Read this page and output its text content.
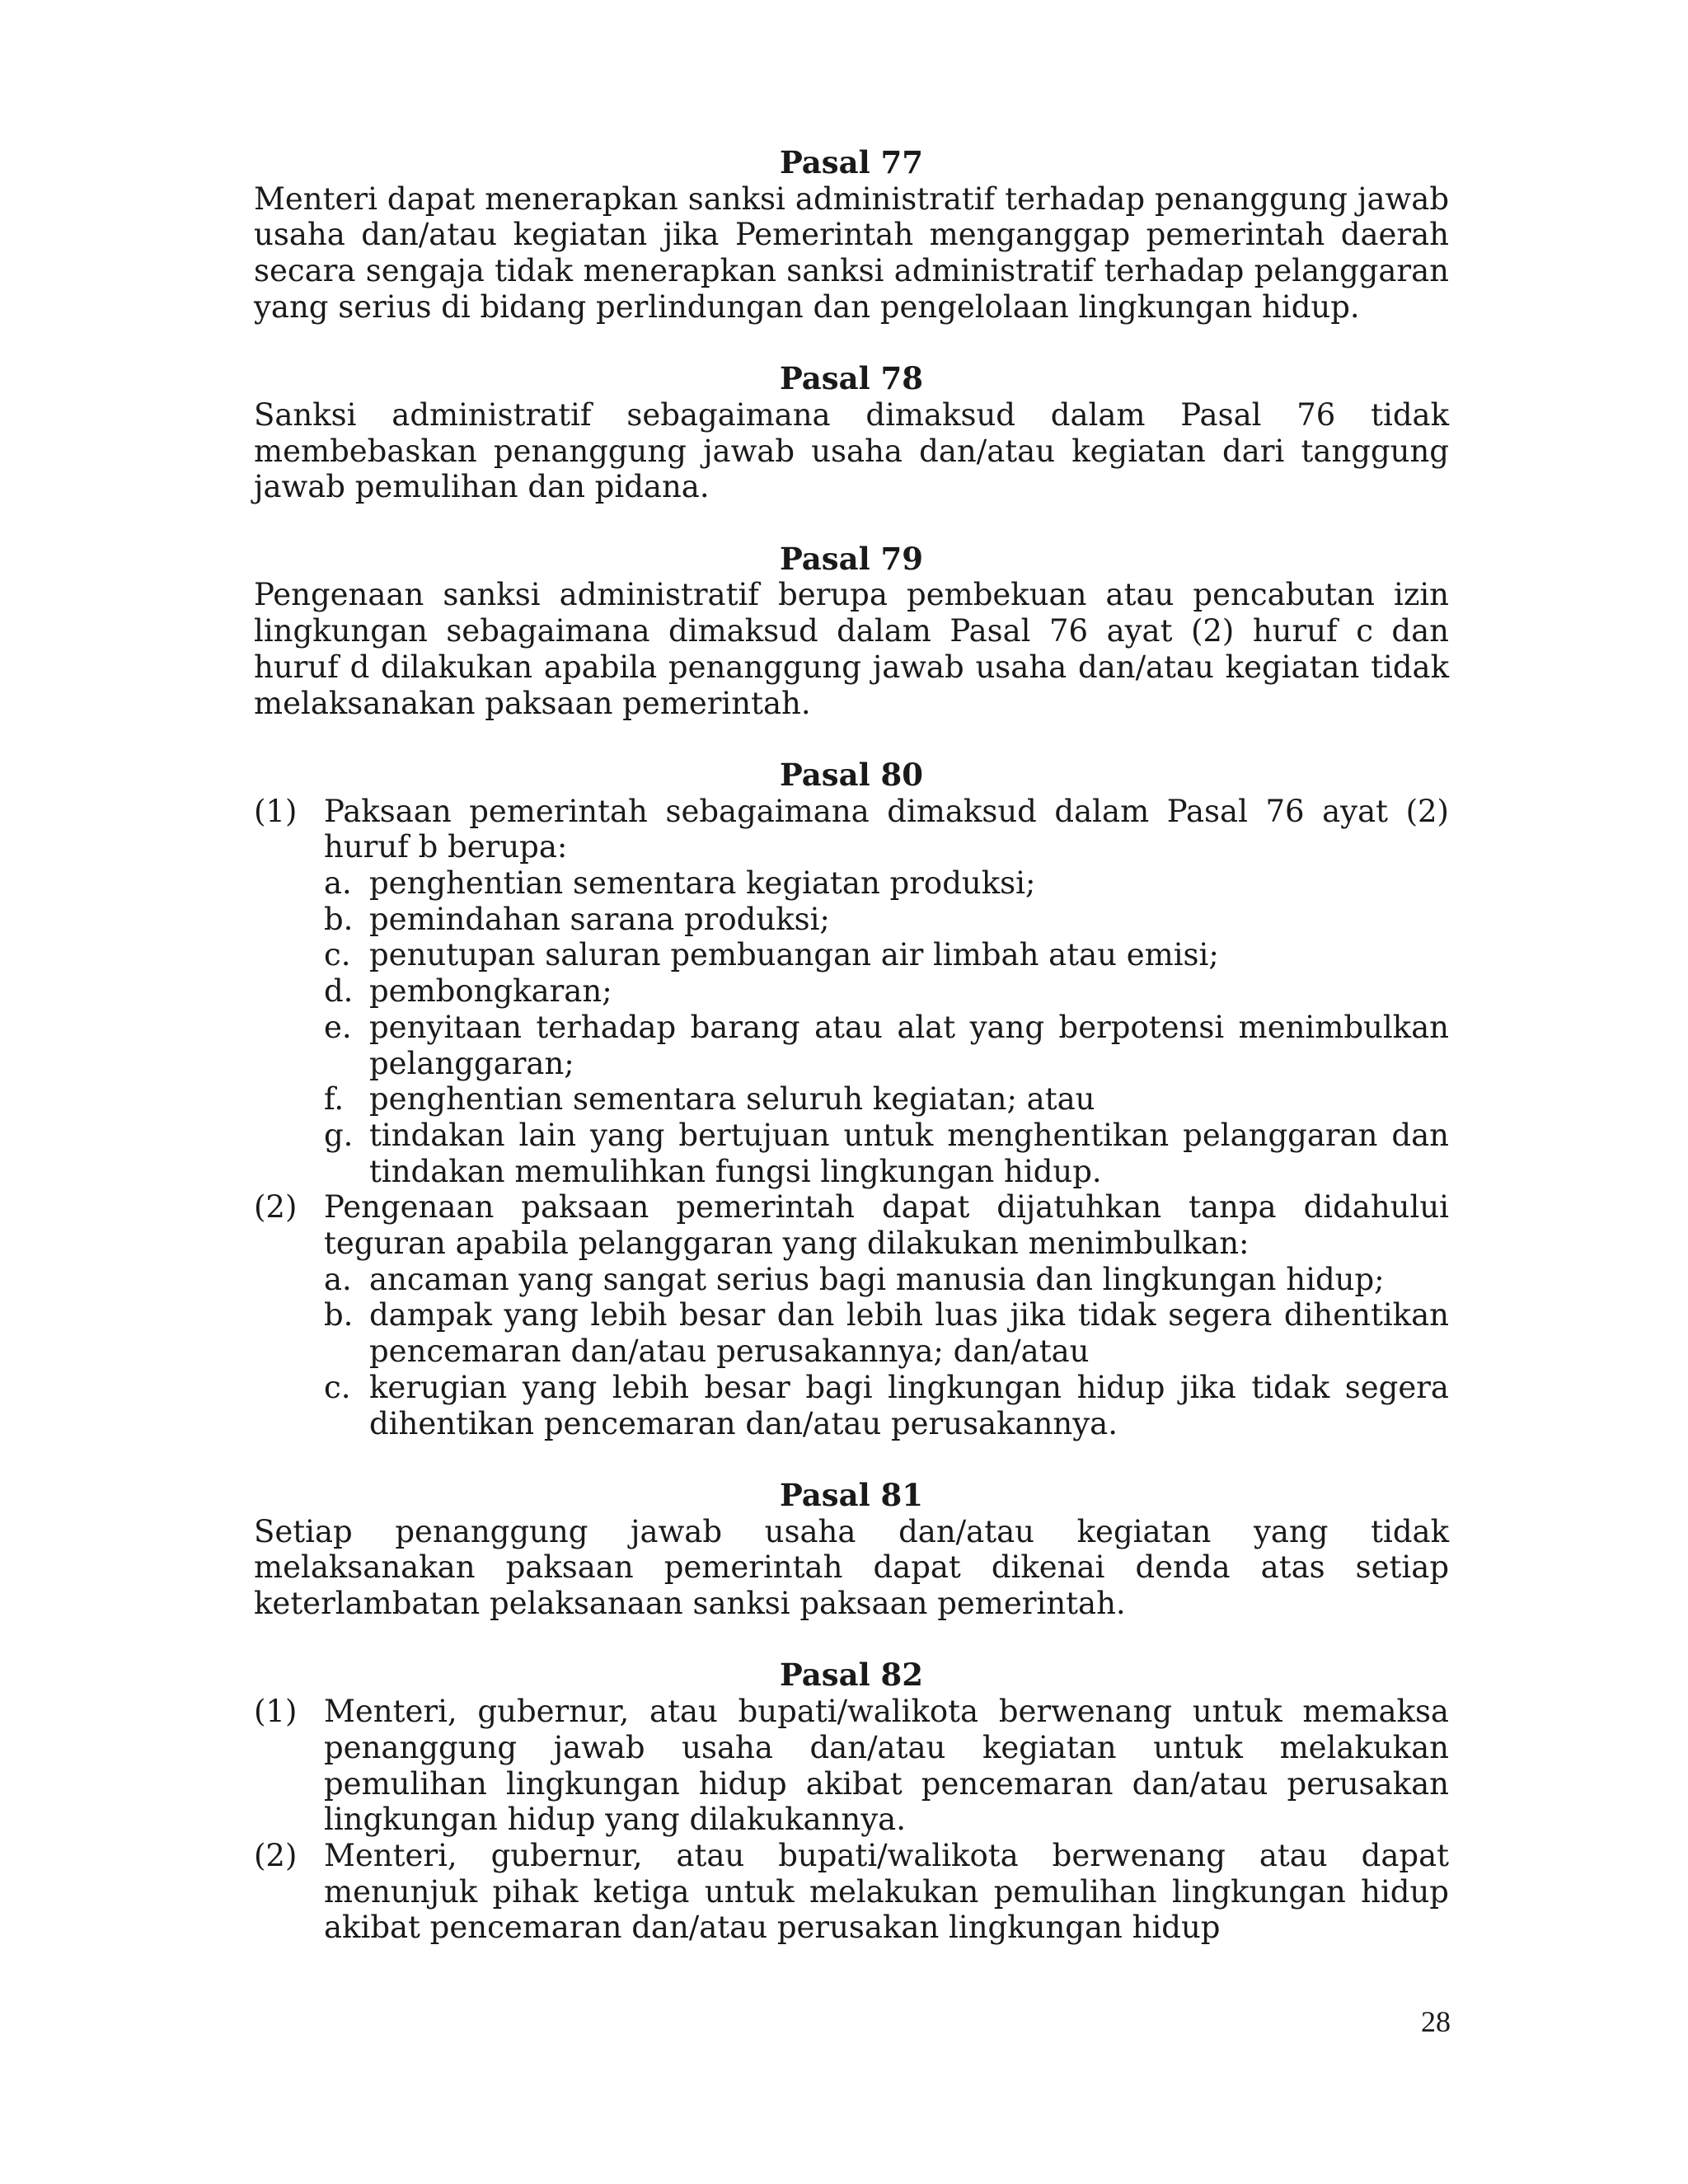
Pasal 77

Menteri dapat menerapkan sanksi administratif terhadap penanggung jawab usaha dan/atau kegiatan jika Pemerintah menganggap pemerintah daerah secara sengaja tidak menerapkan sanksi administratif terhadap pelanggaran yang serius di bidang perlindungan dan pengelolaan lingkungan hidup.

Pasal 78

Sanksi administratif sebagaimana dimaksud dalam Pasal 76 tidak membebaskan penanggung jawab usaha dan/atau kegiatan dari tanggung jawab pemulihan dan pidana.

Pasal 79

Pengenaan sanksi administratif berupa pembekuan atau pencabutan izin lingkungan sebagaimana dimaksud dalam Pasal 76 ayat (2) huruf c dan huruf d dilakukan apabila penanggung jawab usaha dan/atau kegiatan tidak melaksanakan paksaan pemerintah.

Pasal 80

(1) Paksaan pemerintah sebagaimana dimaksud dalam Pasal 76 ayat (2) huruf b berupa:
a. penghentian sementara kegiatan produksi;
b. pemindahan sarana produksi;
c. penutupan saluran pembuangan air limbah atau emisi;
d. pembongkaran;
e. penyitaan terhadap barang atau alat yang berpotensi menimbulkan pelanggaran;
f. penghentian sementara seluruh kegiatan; atau
g. tindakan lain yang bertujuan untuk menghentikan pelanggaran dan tindakan memulihkan fungsi lingkungan hidup.
(2) Pengenaan paksaan pemerintah dapat dijatuhkan tanpa didahului teguran apabila pelanggaran yang dilakukan menimbulkan:
a. ancaman yang sangat serius bagi manusia dan lingkungan hidup;
b. dampak yang lebih besar dan lebih luas jika tidak segera dihentikan pencemaran dan/atau perusakannya; dan/atau
c. kerugian yang lebih besar bagi lingkungan hidup jika tidak segera dihentikan pencemaran dan/atau perusakannya.

Pasal 81

Setiap penanggung jawab usaha dan/atau kegiatan yang tidak melaksanakan paksaan pemerintah dapat dikenai denda atas setiap keterlambatan pelaksanaan sanksi paksaan pemerintah.

Pasal 82

(1) Menteri, gubernur, atau bupati/walikota berwenang untuk memaksa penanggung jawab usaha dan/atau kegiatan untuk melakukan pemulihan lingkungan hidup akibat pencemaran dan/atau perusakan lingkungan hidup yang dilakukannya.
(2) Menteri, gubernur, atau bupati/walikota berwenang atau dapat menunjuk pihak ketiga untuk melakukan pemulihan lingkungan hidup akibat pencemaran dan/atau perusakan lingkungan hidup
28
